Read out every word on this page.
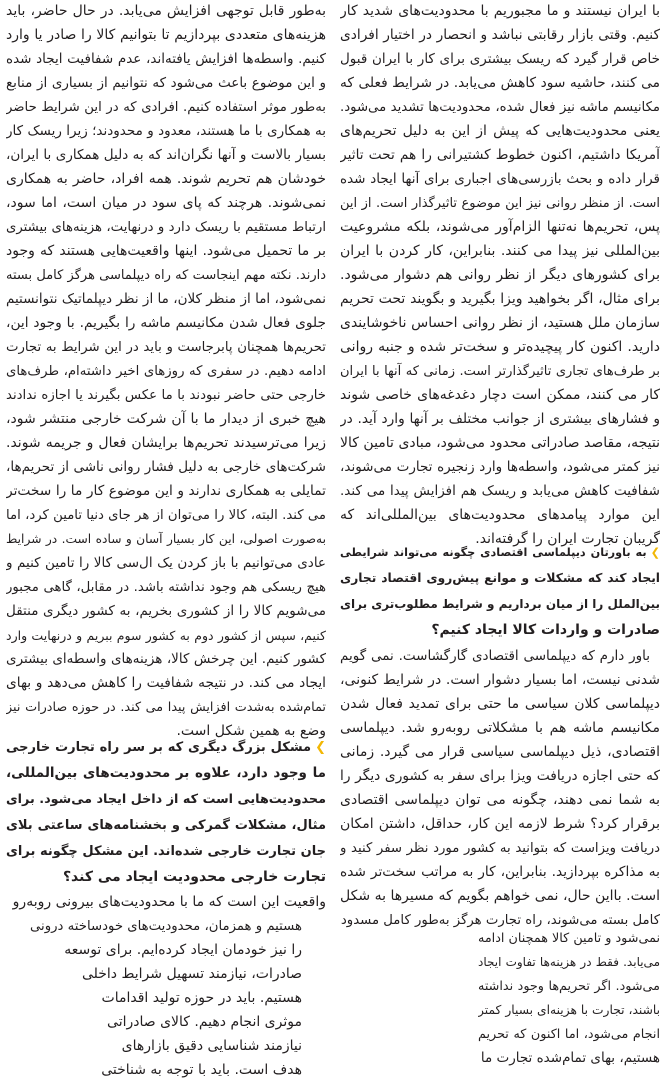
با ایران نیستند و ما مجبوریم با محدودیت‌های شدید کار
کنیم. وقتی بازار رقابتی نباشد و انحصار در اختیار افرادی
خاص قرار گیرد که ریسک بیشتری برای کار با ایران قبول
می کنند، حاشیه سود کاهش می‌یابد. در شرایط فعلی که
مکانیسم ماشه نیز فعال شده، محدودیت‌ها تشدید می‌شود.
یعنی محدودیت‌هایی که پیش از این به دلیل تحریم‌های
آمریکا داشتیم، اکنون خطوط کشتیرانی را هم تحت تاثیر
قرار داده و بحث بازرسی‌های اجباری برای آنها ایجاد شده
است. از منظر روانی نیز این موضوع تاثیرگذار است. از این
پس، تحریم‌ها نه‌تنها الزام‌آور می‌شوند، بلکه مشروعیت
بین‌المللی نیز پیدا می کنند. بنابراین، کار کردن با ایران
برای کشورهای دیگر از نظر روانی هم دشوار می‌شود.
برای مثال، اگر بخواهید ویزا بگیرید و بگویند تحت تحریم
سازمان ملل هستید، از نظر روانی احساس ناخوشایندی
دارید. اکنون کار پیچیده‌تر و سخت‌تر شده و جنبه روانی
بر طرف‌های تجاری تاثیرگذارتر است. زمانی که آنها با ایران
کار می کنند، ممکن است دچار دغدغه‌های خاصی شوند
و فشارهای بیشتری از جوانب مختلف بر آنها وارد آید. در
نتیجه، مقاصد صادراتی محدود می‌شود، مبادی تامین کالا
نیز کمتر می‌شود، واسطه‌ها وارد زنجیره تجارت می‌شوند،
شفافیت کاهش می‌یابد و ریسک هم افزایش پیدا می کند.
این موارد پیامدهای محدودیت‌های بین‌المللی‌اند که
گریبان تجارت ایران را گرفته‌اند.
❯به باورتان دیپلماسی اقتصادی چگونه می‌تواند شرایطی
ایجاد کند که مشکلات و موانع پیش‌روی اقتصاد تجاری
بین‌الملل را از میان برداریم و شرایط مطلوب‌تری برای
صادرات و واردات کالا ایجاد کنیم؟
باور دارم که دیپلماسی اقتصادی گارگشاست. نمی گویم
شدنی نیست، اما بسیار دشوار است. در شرایط کنونی،
دیپلماسی کلان سیاسی ما حتی برای تمدید فعال شدن
مکانیسم ماشه هم با مشکلاتی روبه‌رو شد. دیپلماسی
اقتصادی، ذیل دیپلماسی سیاسی قرار می گیرد. زمانی
که حتی اجازه دریافت ویزا برای سفر به کشوری دیگر را
به شما نمی دهند، چگونه می توان دیپلماسی اقتصادی
برقرار کرد؟ شرط لازمه این کار، حداقل، داشتن امکان
دریافت ویزاست که بتوانید به کشور مورد نظر سفر کنید و
به مذاکره بپردازید. بنابراین، کار به مراتب سخت‌تر شده
است. بااین حال، نمی خواهم بگویم که مسیرها به شکل
کامل بسته می‌شوند، راه تجارت هرگز به‌طور کامل مسدود
نمی‌شود و تامین کالا همچنان ادامه
می‌یابد. فقط در هزینه‌ها تفاوت ایجاد
می‌شود. اگر تحریم‌ها وجود نداشته
باشند، تجارت با هزینه‌ای بسیار کمتر
انجام می‌شود، اما اکنون که تحریم
هستیم، بهای تمام‌شده تجارت ما
به‌طور قابل توجهی افزایش می‌یابد. در حال حاضر، باید
هزینه‌های متعددی بپردازیم تا بتوانیم کالا را صادر یا وارد
کنیم. واسطه‌ها افزایش یافته‌اند، عدم شفافیت ایجاد شده
و این موضوع باعث می‌شود که نتوانیم از بسیاری از منابع
به‌طور موثر استفاده کنیم. افرادی که در این شرایط حاضر
به همکاری با ما هستند، معدود و محدودند؛ زیرا ریسک کار
بسیار بالاست و آنها نگران‌اند که به دلیل همکاری با ایران،
خودشان هم تحریم شوند. همه افراد، حاضر به همکاری
نمی‌شوند. هرچند که پای سود در میان است، اما سود،
ارتباط مستقیم با ریسک دارد و درنهایت، هزینه‌های بیشتری
بر ما تحمیل می‌شود. اینها واقعیت‌هایی هستند که وجود
دارند. نکته مهم اینجاست که راه دیپلماسی هرگز کامل بسته
نمی‌شود، اما از منظر کلان، ما از نظر دیپلماتیک نتوانستیم
جلوی فعال شدن مکانیسم ماشه را بگیریم. با وجود این،
تحریم‌ها همچنان پابرجاست و باید در این شرایط به تجارت
ادامه دهیم. در سفری که روزهای اخیر داشته‌ام، طرف‌های
خارجی حتی حاضر نبودند با ما عکس بگیرند یا اجازه ندادند
هیچ خبری از دیدار ما با آن شرکت خارجی منتشر شود،
زیرا می‌ترسیدند تحریم‌ها برایشان فعال و جریمه شوند.
شرکت‌های خارجی به دلیل فشار روانی ناشی از تحریم‌ها،
تمایلی به همکاری ندارند و این موضوع کار ما را سخت‌تر
می کند. البته، کالا را می‌توان از هر جای دنیا تامین کرد، اما
به‌صورت اصولی، این کار بسیار آسان و ساده است. در شرایط
عادی می‌توانیم با باز کردن یک ال‌سی کالا را تامین کنیم و
هیچ ریسکی هم وجود نداشته باشد. در مقابل، گاهی مجبور
می‌شویم کالا را از کشوری بخریم، به کشور دیگری منتقل
کنیم، سپس از کشور دوم به کشور سوم ببریم و درنهایت وارد
کشور کنیم. این چرخش کالا، هزینه‌های واسطه‌ای بیشتری
ایجاد می کند. در نتیجه شفافیت را کاهش می‌دهد و بهای
تمام‌شده به‌شدت افزایش پیدا می کند. در حوزه صادرات نیز
وضع به همین شکل است.
❯مشکل بزرگ دیگری که بر سر راه تجارت خارجی
ما وجود دارد، علاوه بر محدودیت‌های بین‌المللی،
محدودیت‌هایی است که از داخل ایجاد می‌شود. برای
مثال، مشکلات گمرکی و بخشنامه‌های ساعتی بلای
جان تجارت خارجی شده‌اند. این مشکل چگونه برای
تجارت خارجی محدودیت ایجاد می کند؟
واقعیت این است که ما با محدودیت‌های بیرونی روبه‌رو
هستیم و همزمان، محدودیت‌های خودساخته درونی
را نیز خودمان ایجاد کرده‌ایم. برای توسعه
صادرات، نیازمند تسهیل شرایط داخلی
هستیم. باید در حوزه تولید اقدامات
موثری انجام دهیم. کالای صادراتی
نیازمند شناسایی دقیق بازارهای
هدف است. باید با توجه به شناختی
